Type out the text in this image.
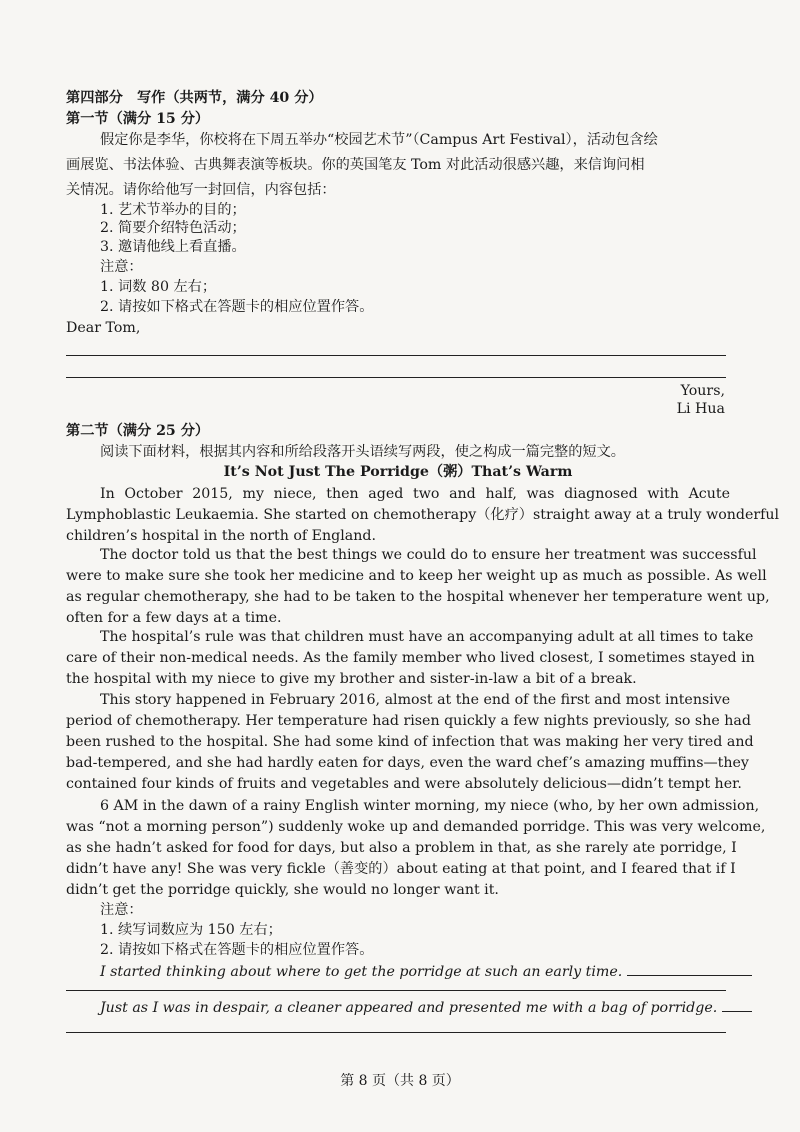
第四部分　写作（共两节，满分 40 分）
第一节（满分 15 分）
假定你是李华，你校将在下周五举办“校园艺术节”（Campus Art Festival），活动包含绘
画展览、书法体验、古典舞表演等板块。你的英国笔友 Tom 对此活动很感兴趣，来信询问相
关情况。请你给他写一封回信，内容包括：
1. 艺术节举办的目的；
2. 简要介绍特色活动；
3. 邀请他线上看直播。
注意：
1. 词数 80 左右；
2. 请按如下格式在答题卡的相应位置作答。
Dear Tom,
Yours,
Li Hua
第二节（满分 25 分）
阅读下面材料，根据其内容和所给段落开头语续写两段，使之构成一篇完整的短文。
It’s Not Just The Porridge（粥）That’s Warm
In October 2015, my niece, then aged two and half, was diagnosed with Acute
Lymphoblastic Leukaemia. She started on chemotherapy（化疗）straight away at a truly wonderful
children’s hospital in the north of England.
The doctor told us that the best things we could do to ensure her treatment was successful
were to make sure she took her medicine and to keep her weight up as much as possible. As well
as regular chemotherapy, she had to be taken to the hospital whenever her temperature went up,
often for a few days at a time.
The hospital’s rule was that children must have an accompanying adult at all times to take
care of their non-medical needs. As the family member who lived closest, I sometimes stayed in
the hospital with my niece to give my brother and sister-in-law a bit of a break.
This story happened in February 2016, almost at the end of the first and most intensive
period of chemotherapy. Her temperature had risen quickly a few nights previously, so she had
been rushed to the hospital. She had some kind of infection that was making her very tired and
bad-tempered, and she had hardly eaten for days, even the ward chef’s amazing muffins—they
contained four kinds of fruits and vegetables and were absolutely delicious—didn’t tempt her.
6 AM in the dawn of a rainy English winter morning, my niece (who, by her own admission,
was “not a morning person”) suddenly woke up and demanded porridge. This was very welcome,
as she hadn’t asked for food for days, but also a problem in that, as she rarely ate porridge, I
didn’t have any! She was very fickle（善变的）about eating at that point, and I feared that if I
didn’t get the porridge quickly, she would no longer want it.
注意：
1. 续写词数应为 150 左右；
2. 请按如下格式在答题卡的相应位置作答。
I started thinking about where to get the porridge at such an early time.
Just as I was in despair, a cleaner appeared and presented me with a bag of porridge.
第 8 页（共 8 页）
